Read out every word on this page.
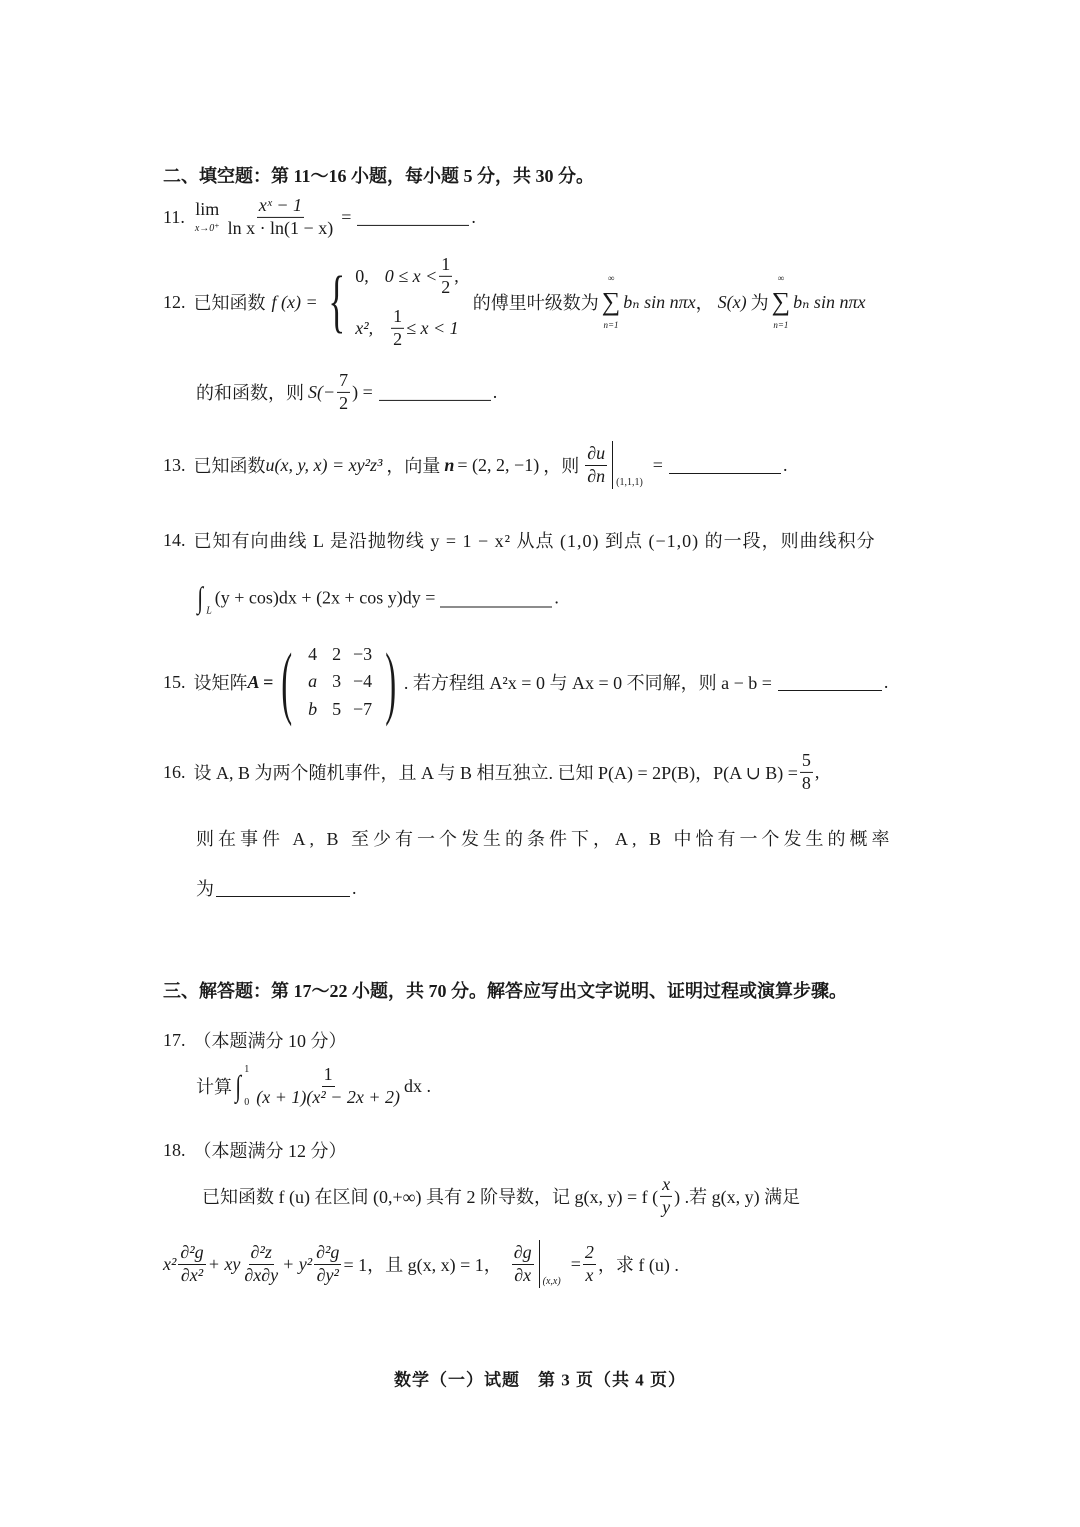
二、填空题：第 11～16 小题，每小题 5 分，共 30 分。
11. lim
$x\to 0^+ \frac{\text{xˣ − 1}}{\text{ln x · ln(1 − x)}}$ =	.
12. 已知函数 f (x) = { 0, $0 \le x < \frac{1}{2}$ ,
x², $\frac{1}{2} \le x < 1$
的傅里叶级数为
∞
∑
n=1
bₙ sin nπx ， S(x) 为
∞
∑
n=1
bₙ sin nπx
的和函数，则 $S(- \frac{7}{2}$ ) =	.
13. 已知函数 u(x, y, x) = xy²z³ ，向量 n = (2, 2, −1) ，则 $\frac{\partial u}{\partial n} (1,1,1)$
=	.
14. 已知有向曲线 L 是沿抛物线 y = 1 − x² 从点 (1,0) 到点 (−1,0) 的一段，则曲线积分
∫ L
(y + cos)dx + (2x + cos y)dy =	.
15. 设矩阵 A = ( 4 2 −3
a 3 −4
b 5 −7 ) . 若方程组 A²x = 0 与 Ax = 0 不同解，则 a − b =	.
16. 设 A, B 为两个随机事件，且 A 与 B 相互独立. 已知 P(A) = 2P(B)，P(A ∪ $B) = \frac{5}{8}$ ,
则在事件 A, B 至少有一个发生的条件下，A, B 中恰有一个发生的概率
为	.
三、解答题：第 17～22 小题，共 70 分。解答应写出文字说明、证明过程或演算步骤。
17. （本题满分 10 分）
计算 ∫ 1
$0 \frac{1}{\text{(x + 1)(x² − 2x + 2)}}$ dx .
18. （本题满分 12 分）
已知函数 f (u) 在区间 (0,+∞) 具有 2 阶导数，记 g(x, y) = f ( $\frac{x}{y}$ ) .若 g(x, y) 满足
$x^2 \frac{\text{∂²g}}{\text{∂x²}}$ + xy $\frac{\text{∂²z}}{\partial x\partial y} + y^2 \frac{\text{∂²g}}{\text{∂y²}} = 1$，且 g(x, x) = 1， $\frac{\partial g}{\partial x} (x,x)$
= $\frac{2}{x}$ ，求 f (u) .
数学（一）试题　第 3 页（共 4 页）
